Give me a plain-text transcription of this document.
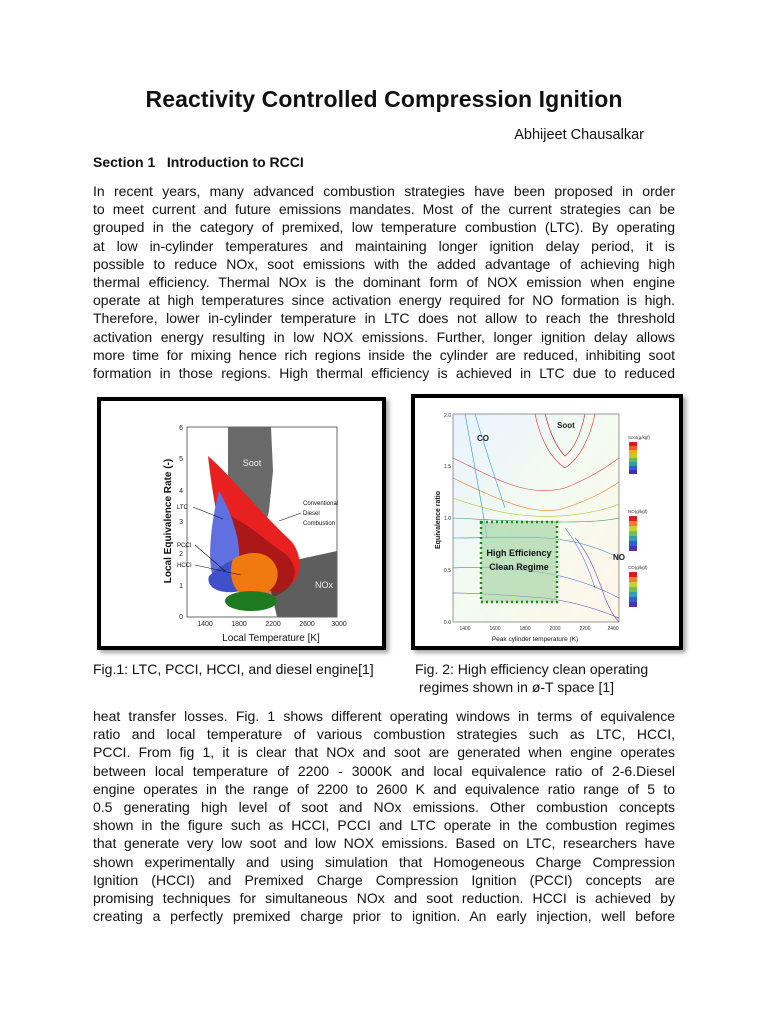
Reactivity Controlled Compression Ignition
Abhijeet Chausalkar
Section 1   Introduction to RCCI
In recent years, many advanced combustion strategies have been proposed in order
to meet current and future emissions mandates. Most of the current strategies can be
grouped in the category of premixed, low temperature combustion (LTC). By operating
at low in-cylinder temperatures and maintaining longer ignition delay period, it is
possible to reduce NOx, soot emissions with the added advantage of achieving high
thermal efficiency. Thermal NOx is the dominant form of NOX emission when engine
operate at high temperatures since activation energy required for NO formation is high.
Therefore, lower in-cylinder temperature in LTC does not allow to reach the threshold
activation energy resulting in low NOX emissions. Further, longer ignition delay allows
more time for mixing hence rich regions inside the cylinder are reduced, inhibiting soot
formation in those regions. High thermal efficiency is achieved in LTC due to reduced
0
1
2
3
4
5
6
1400	1800	2200	2600 3000
Local Temperature [K]
Local Equivalence Rate (-)	Soot
NOx
LTC
PCCI
HCCI
Conventional
Diesel
Combustion
Soot(g/kgf)
NO(g/kgf)
CO(g/kgf)
0.0
0.5
1.0
1.5
2.0
1400	1600	1800	2000	2200	2400
Peak cylinder temperature (K)
Equivalence ratio
CO
Soot
NO
High Efficiency
Clean Regime
Fig.1: LTC, PCCI, HCCI, and diesel engine[1]	Fig. 2: High efficiency clean operating
regimes shown in ø-T space [1]
heat transfer losses. Fig. 1 shows different operating windows in terms of equivalence
ratio and local temperature of various combustion strategies such as LTC, HCCI,
PCCI. From fig 1, it is clear that NOx and soot are generated when engine operates
between local temperature of 2200 - 3000K and local equivalence ratio of 2-6.Diesel
engine operates in the range of 2200 to 2600 K and equivalence ratio range of 5 to
0.5 generating high level of soot and NOx emissions. Other combustion concepts
shown in the figure such as HCCI, PCCI and LTC operate in the combustion regimes
that generate very low soot and low NOX emissions. Based on LTC, researchers have
shown experimentally and using simulation that Homogeneous Charge Compression
Ignition (HCCI) and Premixed Charge Compression Ignition (PCCI) concepts are
promising techniques for simultaneous NOx and soot reduction. HCCI is achieved by
creating a perfectly premixed charge prior to ignition. An early injection, well before
